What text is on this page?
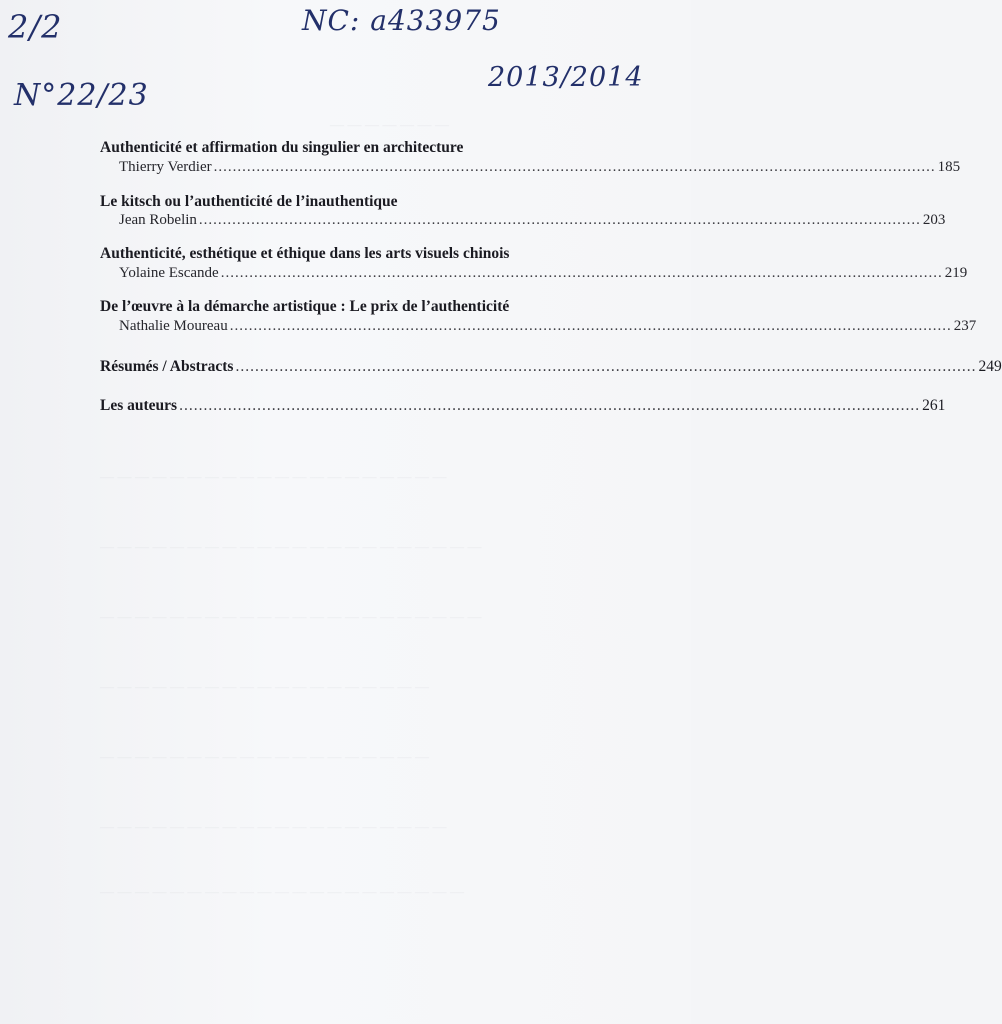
— — — — — — —
— — — — — — — — — — — — — — — — — — — —
— — — — — — — — — — — — — — — — — — — — — —
— — — — — — — — — — — — — — — — — — — — — —
— — — — — — — — — — — — — — — — — — —
— — — — — — — — — — — — — — — — — — —
— — — — — — — — — — — — — — — — — — — —
— — — — — — — — — — — — — — — — — — — — —
2/2	NC: a433975
N°22/23
2013/2014
Authenticité et affirmation du singulier en architecture
Thierry Verdier ........................................................................................................................................................ 185
Le kitsch ou l’authenticité de l’inauthentique
Jean Robelin ........................................................................................................................................................ 203
Authenticité, esthétique et éthique dans les arts visuels chinois
Yolaine Escande ........................................................................................................................................................ 219
De l’œuvre à la démarche artistique : Le prix de l’authenticité
Nathalie Moureau ........................................................................................................................................................ 237
Résumés / Abstracts ........................................................................................................................................................ 249
Les auteurs ........................................................................................................................................................ 261
